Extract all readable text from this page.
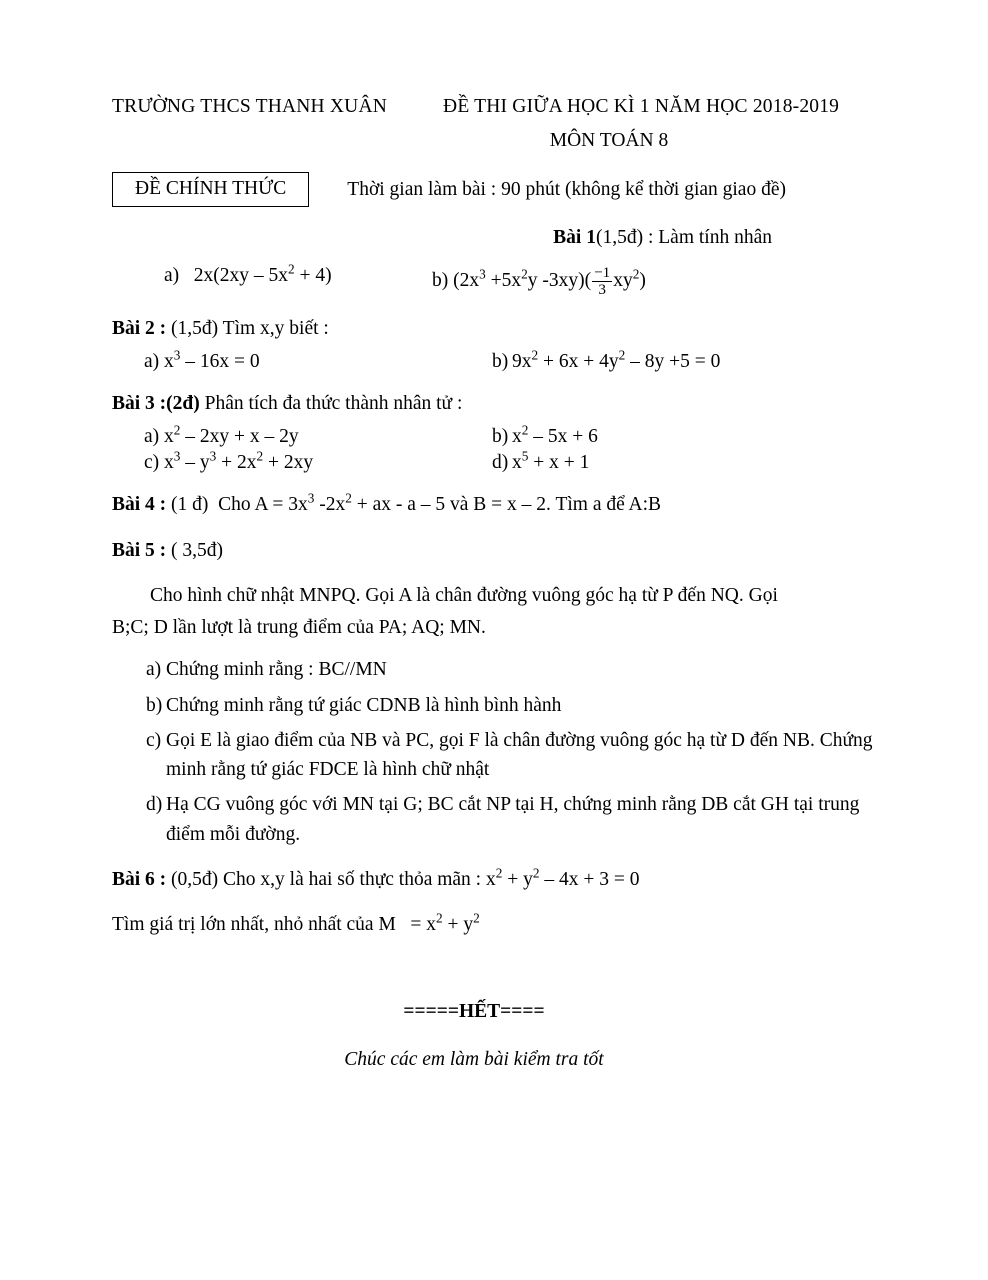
TRƯỜNG THCS THANH XUÂN	ĐỀ THI GIỮA HỌC KÌ 1 NĂM HỌC 2018-2019
MÔN TOÁN 8
ĐỀ CHÍNH THỨC	Thời gian làm bài : 90 phút (không kể thời gian giao đề)
Bài 1(1,5đ) : Làm tính nhân
a)   $2x(2xy - 5x^2 + 4)$	b) ($2x^3 +5x^2y$ $-3xy)( \frac{-1}{3} xy^2)$
Bài 2 : (1,5đ) Tìm x,y biết :
a) $x^3 - 16x = 0$	b) $9x^2 + 6x + 4y^2 - 8y +5 = 0$
Bài 3 :(2đ) Phân tích đa thức thành nhân tử :
a) $x^2 - 2xy + x - 2y$	b) $x^2 - 5x + 6$
c) $x^3 - y^3 + 2x^2 + 2xy$	d) $x^5 + x + 1$
Bài 4 : (1 đ)  Cho $A = 3x^3$ $-2x^2$ + ax - a – 5 và B = x – 2. Tìm a để A:B
Bài 5 : ( 3,5đ)
Cho hình chữ nhật MNPQ. Gọi A là chân đường vuông góc hạ từ P đến NQ. Gọi
B;C; D lần lượt là trung điểm của PA; AQ; MN.
a) Chứng minh rằng : BC//MN
b) Chứng minh rằng tứ giác CDNB là hình bình hành
c) Gọi E là giao điểm của NB và PC, gọi F là chân đường vuông góc hạ từ D đến NB. Chứng minh rằng tứ giác FDCE là hình chữ nhật
d) Hạ CG vuông góc với MN tại G; BC cắt NP tại H, chứng minh rằng DB cắt GH tại trung điểm mỗi đường.
Bài 6 : (0,5đ) Cho x,y là hai số thực thỏa mãn : $x^2 + y^2 - 4x + 3 = 0$
Tìm giá trị lớn nhất, nhỏ nhất của $M = x^2 + y^2$
=====HẾT====
Chúc các em làm bài kiểm tra tốt
